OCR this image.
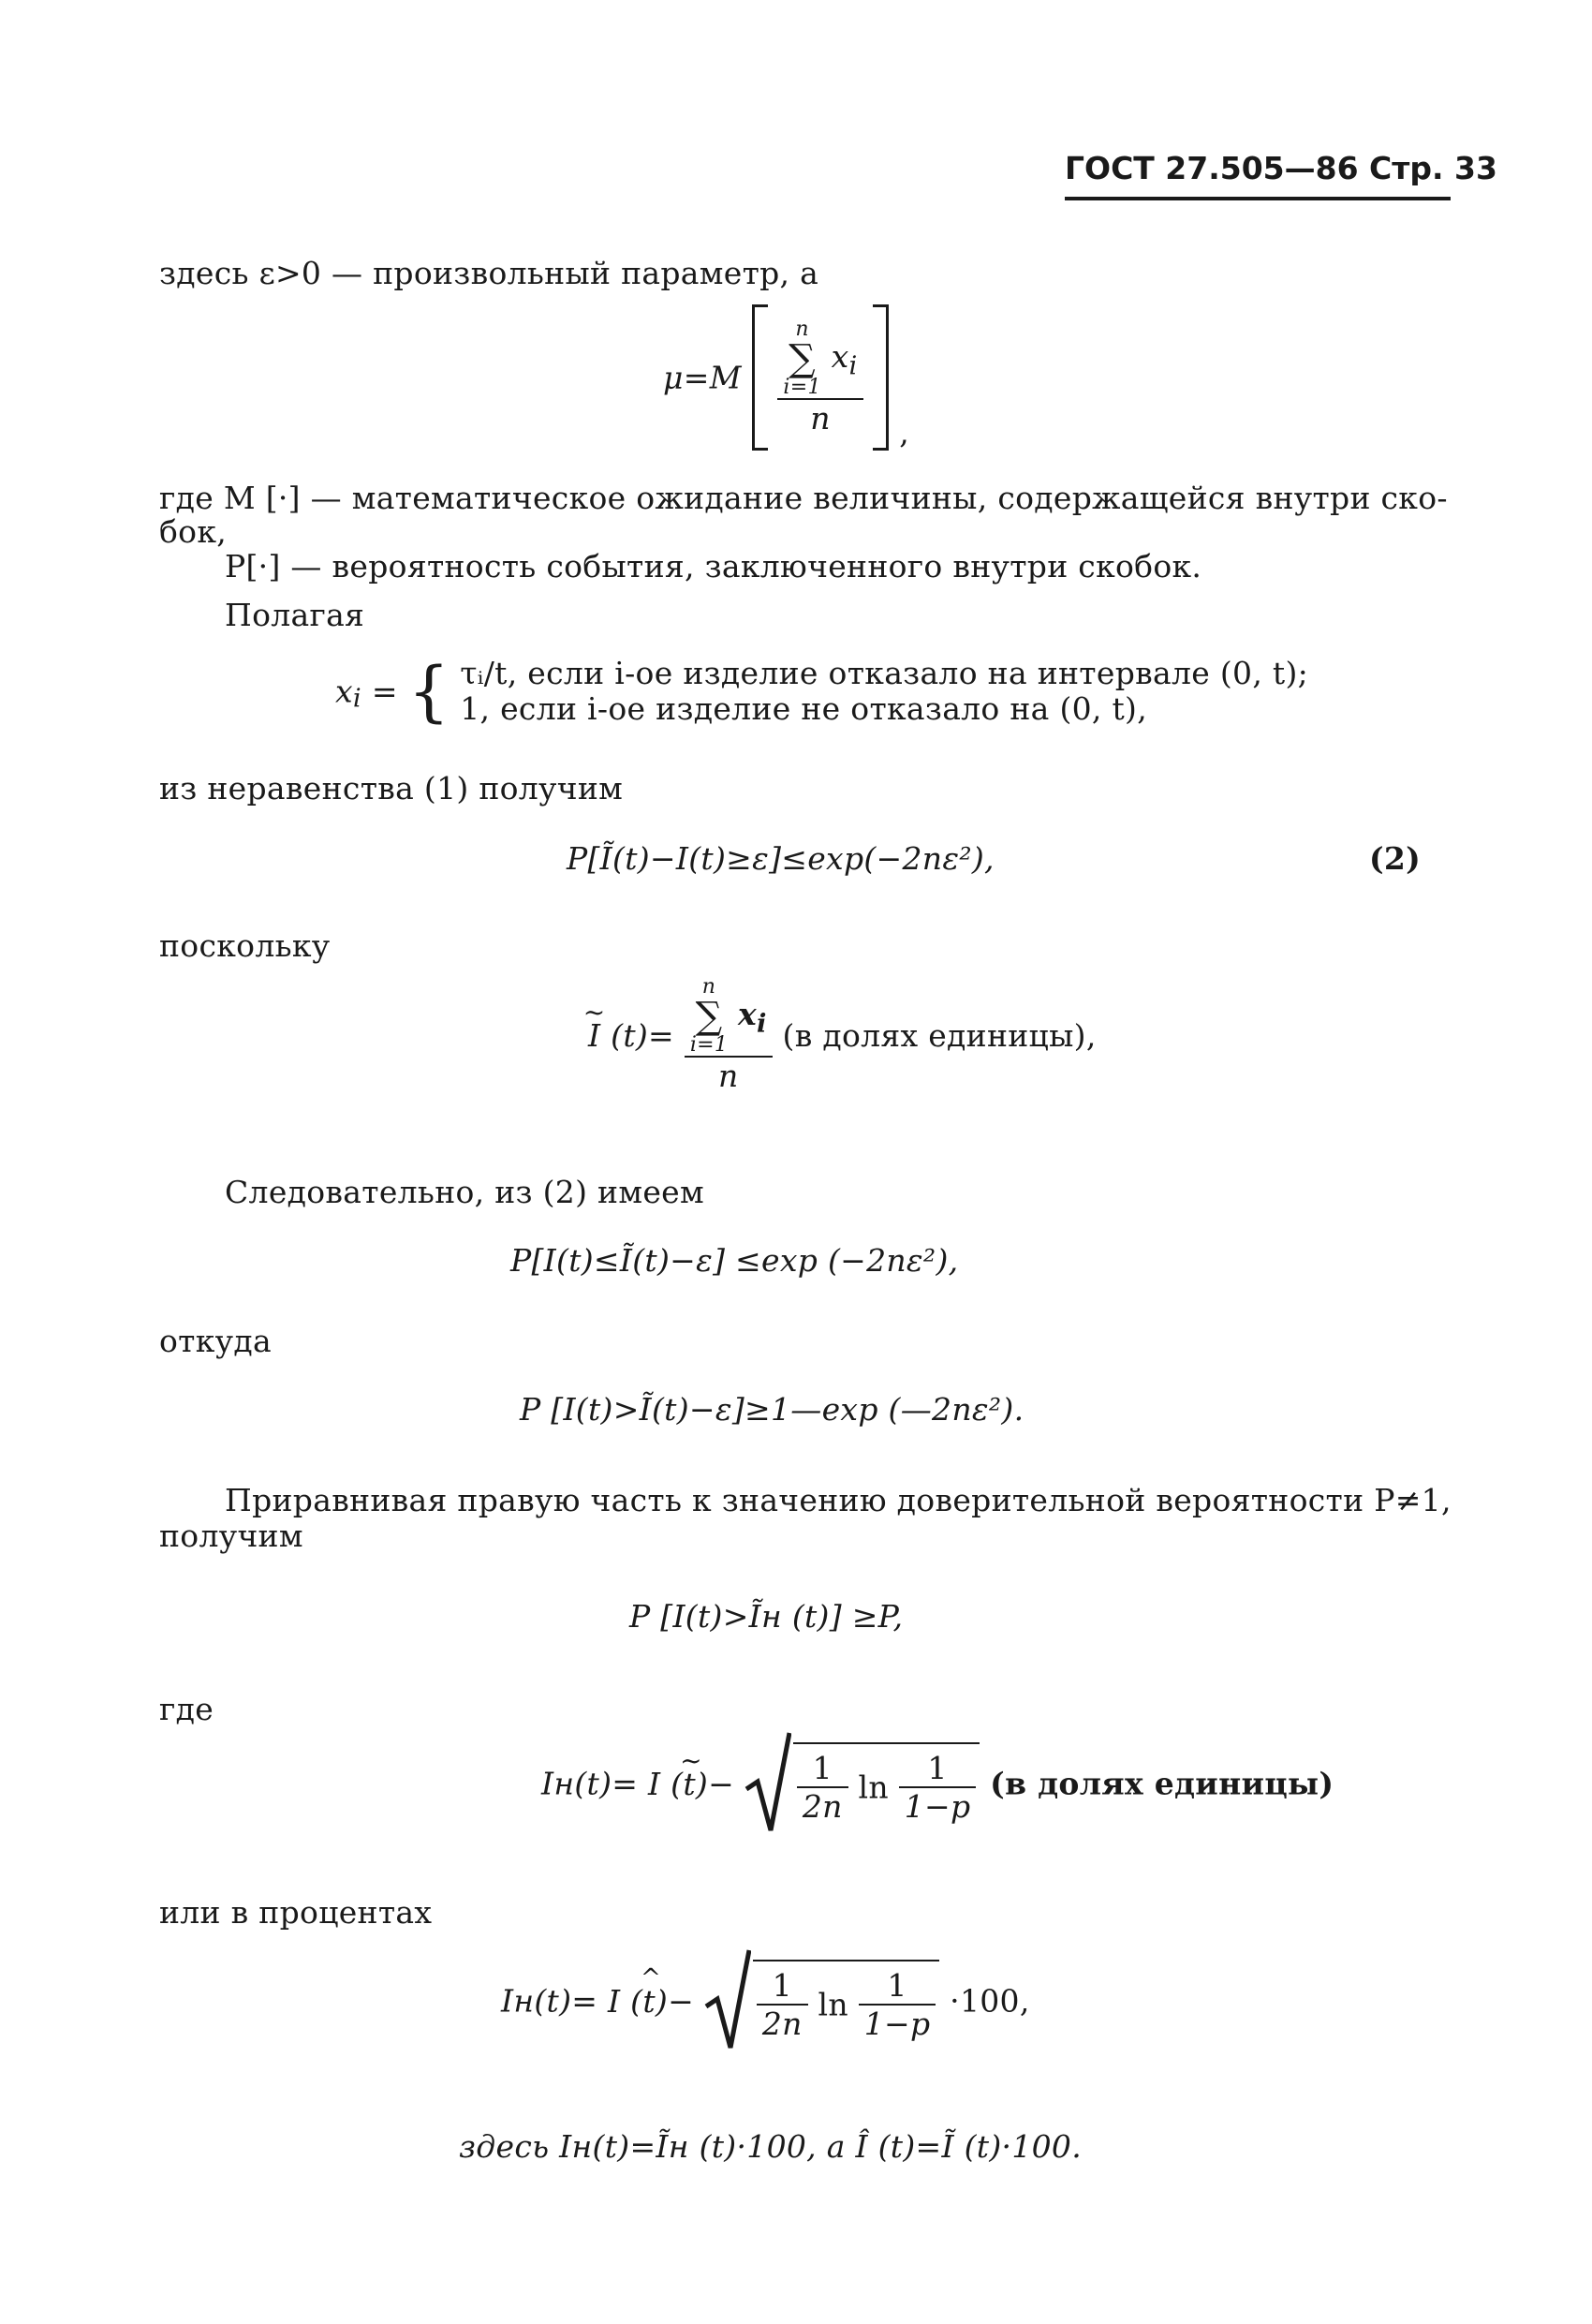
ГОСТ 27.505—86 Стр. 33
здесь ε>0 — произвольный параметр, а
μ=M n
∑
i=1
$x_i$
n ,
где M [·] — математическое ожидание величины, содержащейся внутри ско-
бок,
P[·] — вероятность события, заключенного внутри скобок.
Полагая
$x_i$ = { τᵢ/t, если i-ое изделие отказало на интервале (0, t);
1, если i-ое изделие не отказало на (0, t),
из неравенства (1) получим
P[Ĩ(t)−I(t)≥ε]≤exp(−2nε²),	(2)
поскольку
~ I (t)= n
∑
i=1
$x_i$
n (в долях единицы),
Следовательно, из (2) имеем
P[I(t)≤Ĩ(t)−ε] ≤exp (−2nε²),
откуда
P [I(t)>Ĩ(t)−ε]≥1—exp (—2nε²).
Приравнивая правую часть к значению доверительной вероятности P≠1,
получим
P [I(t)>Ĩн (t)] ≥P,
где
Iн(t)= ~ I $(t)- \frac{1}{2n}$ $\ln \frac{1}{1-p} (в$ долях единицы)
или в процентах
Iн(t)= ^ I $(t)- \frac{1}{2n}$ $\ln \frac{1}{1-p} \cdot 100$,
здесь Iн(t)=Ĩн (t)·100, а Î (t)=Ĩ (t)·100.
